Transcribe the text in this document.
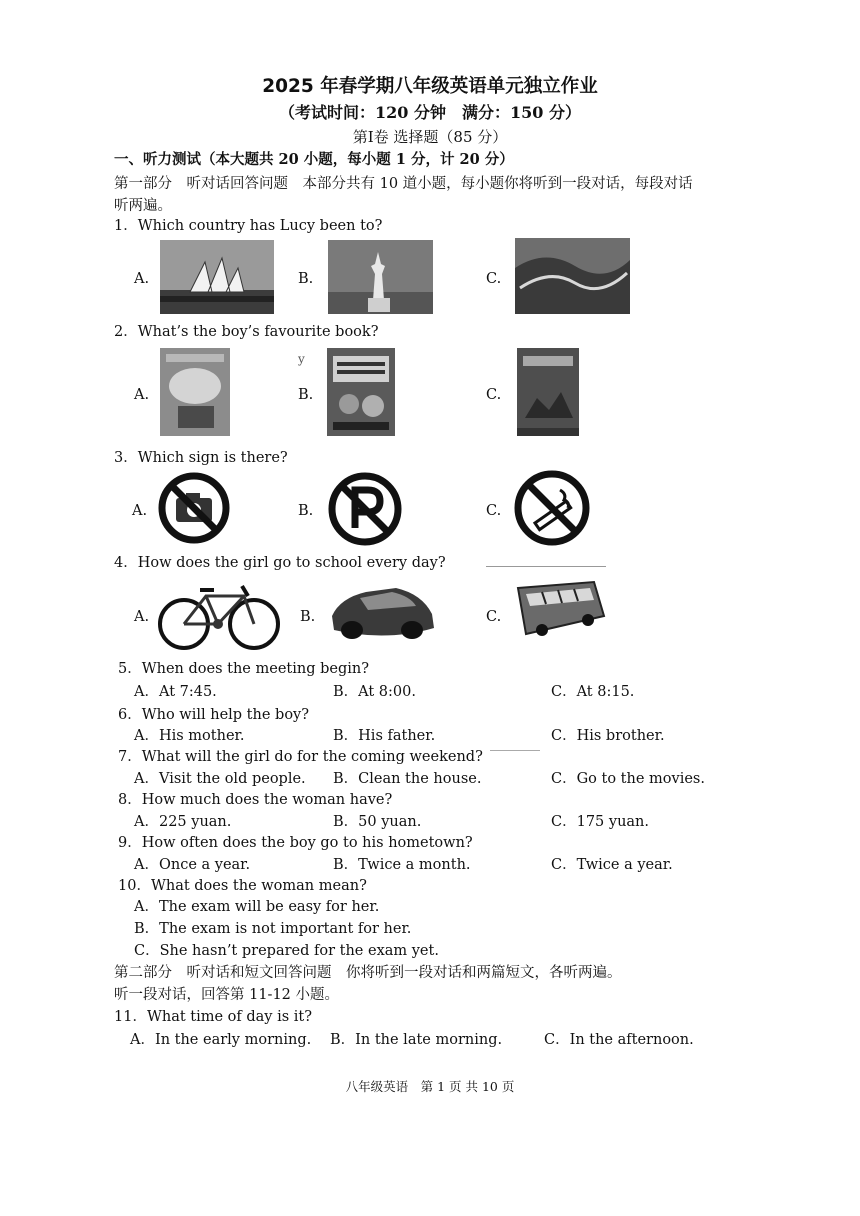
2025 年春学期八年级英语单元独立作业
（考试时间：120 分钟　满分：150 分）
第Ⅰ卷 选择题（85 分）
一、听力测试（本大题共 20 小题，每小题 1 分，计 20 分）
第一部分　听对话回答问题　本部分共有 10 道小题，每小题你将听到一段对话，每段对话
听两遍。
1．Which country has Lucy been to?
A.	B.	C.
2．What’s the boy’s favourite book?
A.
y
B.	C.
3．Which sign is there?
A.	B.	C.
4．How does the girl go to school every day?
A.	B.	C.
5．When does the meeting begin?
A．At 7:45.	B．At 8:00.	C．At 8:15.
6．Who will help the boy?
A．His mother.	B．His father.	C．His brother.
7．What will the girl do for the coming weekend?
A．Visit the old people. B．Clean the house.	C．Go to the movies.
8．How much does the woman have?
A．225 yuan.	B．50 yuan.	C．175 yuan.
9．How often does the boy go to his hometown?
A．Once a year.	B．Twice a month.	C．Twice a year.
10．What does the woman mean?
A．The exam will be easy for her.
B．The exam is not important for her.
C．She hasn’t prepared for the exam yet.
第二部分　听对话和短文回答问题　你将听到一段对话和两篇短文，各听两遍。
听一段对话，回答第 11-12 小题。
11．What time of day is it?
A．In the early morning. B．In the late morning.	C．In the afternoon.
八年级英语　第 1 页 共 10 页
